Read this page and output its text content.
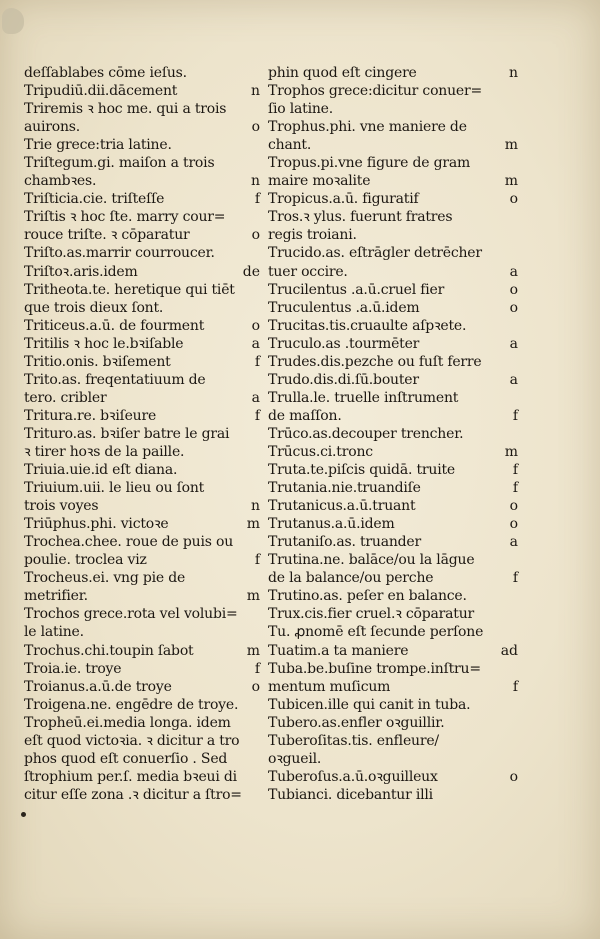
deſſablabes cōme ieſus.
Tripudiū.dii.dācement	n
Triremis ꝛ hoc me. qui a trois
auirons.	o
Trie grece:tria latine.
Triſtegum.gi. maiſon a trois
chambꝛes.	n
Triſticia.cie. triſteſſe	f
Triſtis ꝛ hoc ſte. marry cour=
rouce triſte. ꝛ cōparatur	o
Triſto.as.marrir courroucer.
Triſtoꝛ.aris.idem	de
Tritheota.te. heretique qui tiēt
que trois dieux ſont.
Triticeus.a.ū. de fourment	o
Tritilis ꝛ hoc le.bꝛiſable	a
Tritio.onis. bꝛiſement	f
Trito.as. freqentatiuum de
tero. cribler	a
Tritura.re. bꝛiſeure	f
Trituro.as. bꝛiſer batre le grai
ꝛ tirer hoꝛs de la paille.
Triuia.uie.id eſt diana.
Triuium.uii. le lieu ou ſont
trois voyes	n
Triūphus.phi. victoꝛe	m
Trochea.chee. roue de puis ou
poulie. troclea viz	f
Trocheus.ei. vng pie de
metrifier.	m
Trochos grece.rota vel volubi=
le latine.
Trochus.chi.toupin ſabot	m
Troia.ie. troye	f
Troianus.a.ū.de troye	o
Troigena.ne. engēdre de troye.
Tropheū.ei.media longa. idem
eſt quod victoꝛia. ꝛ dicitur a tro
phos quod eſt conuerſio . Sed
ſtrophium per.ſ. media bꝛeui di
citur eſſe zona .ꝛ dicitur a ſtro=
phin quod eſt cingere	n
Trophos grece:dicitur conuer=
ſio latine.
Trophus.phi. vne maniere de
chant.	m
Tropus.pi.vne figure de gram
maire moꝛalite	m
Tropicus.a.ū. figuratif	o
Tros.ꝛ ylus. fuerunt fratres
regis troiani.
Trucido.as. eſtrāgler detrēcher
tuer occire.	a
Trucilentus .a.ū.cruel fier	o
Truculentus .a.ū.idem	o
Trucitas.tis.cruaulte aſpꝛete.
Truculo.as .tourmēter	a
Trudes.dis.pezche ou fuſt ferre
Trudo.dis.di.ſū.bouter	a
Trulla.le. truelle inſtrument
de maſſon.	f
Trūco.as.decouper trencher.
Trūcus.ci.tronc	m
Truta.te.piſcis quidā. truite	f
Trutania.nie.truandiſe	f
Trutanicus.a.ū.truant	o
Trutanus.a.ū.idem	o
Trutaniſo.as. truander	a
Trutina.ne. balāce/ou la lāgue
de la balance/ou perche	f
Trutino.as. peſer en balance.
Trux.cis.fier cruel.ꝛ cōparatur
Tu. ꝓnomē eſt ſecunde perſone
Tuatim.a ta maniere	ad
Tuba.be.buſine trompe.inſtru=
mentum muſicum	f
Tubicen.ille qui canit in tuba.
Tubero.as.enfler oꝛguillir.
Tuberoſitas.tis. enfleure/
oꝛgueil.
Tuberoſus.a.ū.oꝛguilleux	o
Tubianci. dicebantur illi
